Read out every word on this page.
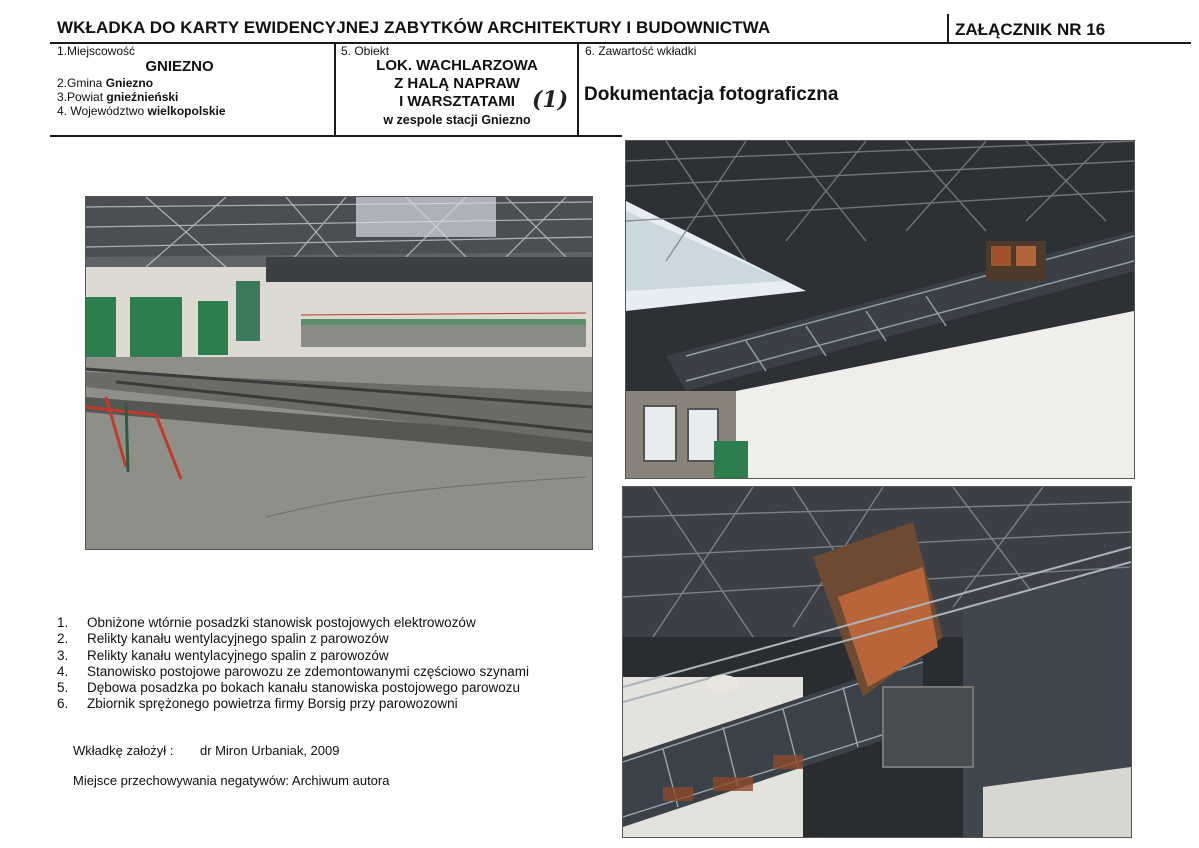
WKŁADKA DO KARTY EWIDENCYJNEJ ZABYTKÓW ARCHITEKTURY I BUDOWNICTWA	ZAŁĄCZNIK NR 16
1.Miejscowość
GNIEZNO
2.Gmina Gniezno
3.Powiat gnieźnieński
4. Województwo wielkopolskie
5. Obiekt
LOK. WACHLARZOWA
Z HALĄ NAPRAW
I WARSZTATAMI
w zespole stacji Gniezno
(1)
6. Zawartość wkładki
Dokumentacja fotograficzna
1.	Obniżone wtórnie posadzki stanowisk postojowych elektrowozów
2.	Relikty kanału wentylacyjnego spalin z parowozów
3.	Relikty kanału wentylacyjnego spalin z parowozów
4.	Stanowisko postojowe parowozu ze zdemontowanymi częściowo szynami
5.	Dębowa posadzka po bokach kanału stanowiska postojowego parowozu
6.	Zbiornik sprężonego powietrza firmy Borsig przy parowozowni
Wkładkę założył : dr Miron Urbaniak, 2009
Miejsce przechowywania negatywów: Archiwum autora
